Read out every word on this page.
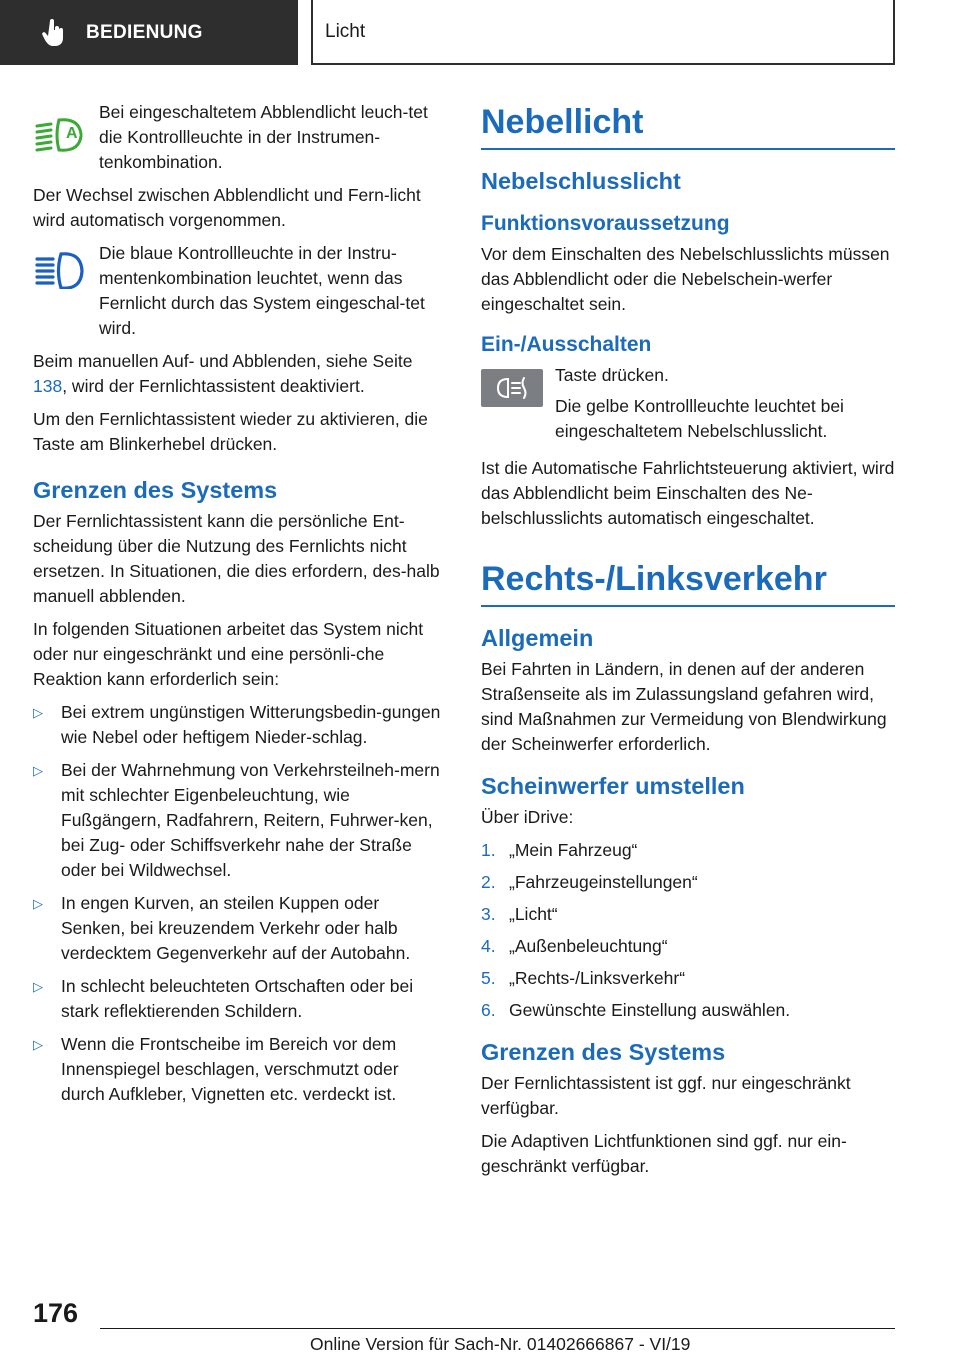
BEDIENUNG	Licht
A

Bei eingeschaltetem Abblendlicht leuch-tet die Kontrollleuchte in der Instrumen-tenkombination.

Der Wechsel zwischen Abblendlicht und Fern-licht wird automatisch vorgenommen.

Die blaue Kontrollleuchte in der Instru-mentenkombination leuchtet, wenn das Fernlicht durch das System eingeschal-tet wird.

Beim manuellen Auf- und Abblenden, siehe Seite 138, wird der Fernlichtassistent deaktiviert.

Um den Fernlichtassistent wieder zu aktivieren, die Taste am Blinkerhebel drücken.

Grenzen des Systems

Der Fernlichtassistent kann die persönliche Ent-scheidung über die Nutzung des Fernlichts nicht ersetzen. In Situationen, die dies erfordern, des-halb manuell abblenden.

In folgenden Situationen arbeitet das System nicht oder nur eingeschränkt und eine persönli-che Reaktion kann erforderlich sein:

▷ Bei extrem ungünstigen Witterungsbedin-gungen wie Nebel oder heftigem Nieder-schlag.
▷ Bei der Wahrnehmung von Verkehrsteilneh-mern mit schlechter Eigenbeleuchtung, wie Fußgängern, Radfahrern, Reitern, Fuhrwer-ken, bei Zug- oder Schiffsverkehr nahe der Straße oder bei Wildwechsel.
▷ In engen Kurven, an steilen Kuppen oder Senken, bei kreuzendem Verkehr oder halb verdecktem Gegenverkehr auf der Autobahn.
▷ In schlecht beleuchteten Ortschaften oder bei stark reflektierenden Schildern.
▷ Wenn die Frontscheibe im Bereich vor dem Innenspiegel beschlagen, verschmutzt oder durch Aufkleber, Vignetten etc. verdeckt ist.
Nebellicht
Nebelschlusslicht
Funktionsvoraussetzung

Vor dem Einschalten des Nebelschlusslichts müssen das Abblendlicht oder die Nebelschein-werfer eingeschaltet sein.

Ein-/Ausschalten

Taste drücken.

Die gelbe Kontrollleuchte leuchtet bei eingeschaltetem Nebelschlusslicht.

Ist die Automatische Fahrlichtsteuerung aktiviert, wird das Abblendlicht beim Einschalten des Ne-belschlusslichts automatisch eingeschaltet.

Rechts-/Linksverkehr
Allgemein

Bei Fahrten in Ländern, in denen auf der anderen Straßenseite als im Zulassungsland gefahren wird, sind Maßnahmen zur Vermeidung von Blendwirkung der Scheinwerfer erforderlich.

Scheinwerfer umstellen

Über iDrive:

1. „Mein Fahrzeug“
2. „Fahrzeugeinstellungen“
3. „Licht“
4. „Außenbeleuchtung“
5. „Rechts-/Linksverkehr“
6. Gewünschte Einstellung auswählen.
Grenzen des Systems

Der Fernlichtassistent ist ggf. nur eingeschränkt verfügbar.

Die Adaptiven Lichtfunktionen sind ggf. nur ein-geschränkt verfügbar.

176
Online Version für Sach-Nr. 01402666867 - VI/19
